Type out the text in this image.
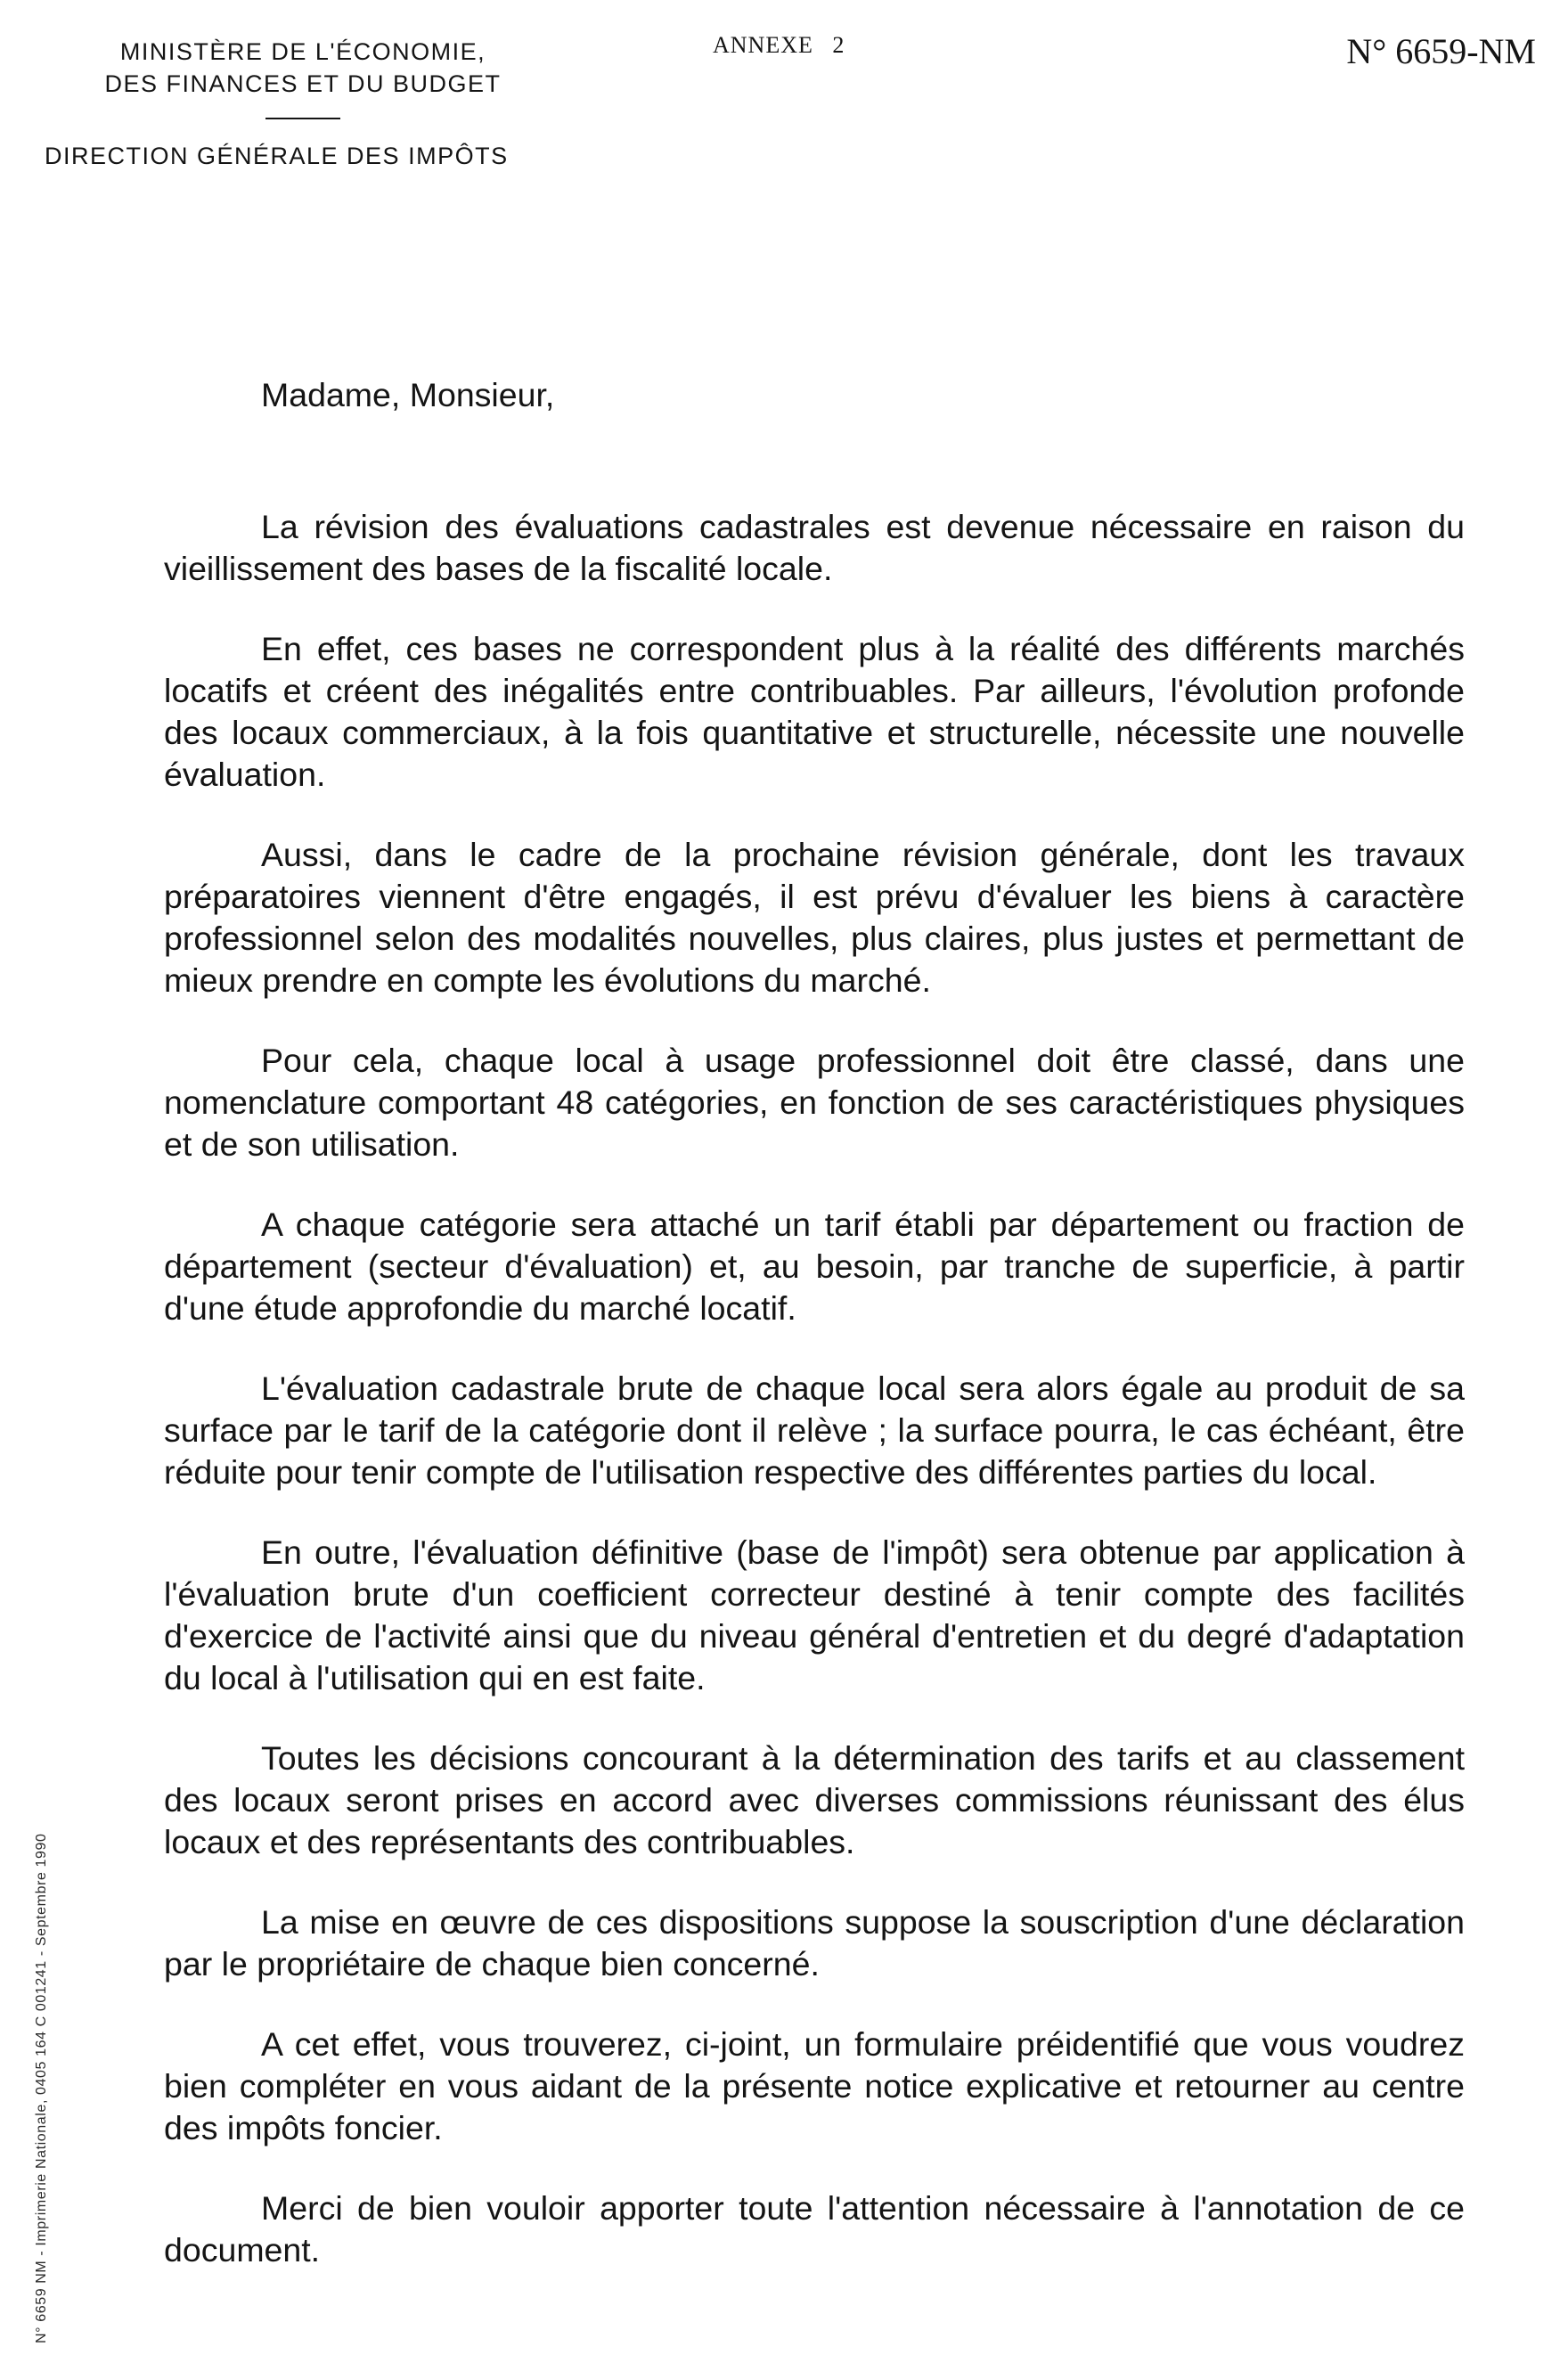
MINISTÈRE DE L'ÉCONOMIE,
DES FINANCES ET DU BUDGET
DIRECTION GÉNÉRALE DES IMPÔTS
ANNEXE 2	N° 6659-NM
N° 6659 NM - Imprimerie Nationale, 0405 164 C 001241 - Septembre 1990
Madame, Monsieur,

La révision des évaluations cadastrales est devenue nécessaire en raison du vieillissement des bases de la fiscalité locale.

En effet, ces bases ne correspondent plus à la réalité des différents marchés locatifs et créent des inégalités entre contribuables. Par ailleurs, l'évolution profonde des locaux commerciaux, à la fois quantitative et structurelle, nécessite une nouvelle évaluation.

Aussi, dans le cadre de la prochaine révision générale, dont les travaux préparatoires viennent d'être engagés, il est prévu d'évaluer les biens à caractère professionnel selon des modalités nouvelles, plus claires, plus justes et permettant de mieux prendre en compte les évolutions du marché.

Pour cela, chaque local à usage professionnel doit être classé, dans une nomenclature comportant 48 catégories, en fonction de ses caractéristiques physiques et de son utilisation.

A chaque catégorie sera attaché un tarif établi par département ou fraction de département (secteur d'évaluation) et, au besoin, par tranche de superficie, à partir d'une étude approfondie du marché locatif.

L'évaluation cadastrale brute de chaque local sera alors égale au produit de sa surface par le tarif de la catégorie dont il relève ; la surface pourra, le cas échéant, être réduite pour tenir compte de l'utilisation respective des différentes parties du local.

En outre, l'évaluation définitive (base de l'impôt) sera obtenue par application à l'évaluation brute d'un coefficient correcteur destiné à tenir compte des facilités d'exercice de l'activité ainsi que du niveau général d'entretien et du degré d'adaptation du local à l'utilisation qui en est faite.

Toutes les décisions concourant à la détermination des tarifs et au classement des locaux seront prises en accord avec diverses commissions réunissant des élus locaux et des représentants des contribuables.

La mise en œuvre de ces dispositions suppose la souscription d'une déclaration par le propriétaire de chaque bien concerné.

A cet effet, vous trouverez, ci-joint, un formulaire préidentifié que vous voudrez bien compléter en vous aidant de la présente notice explicative et retourner au centre des impôts foncier.

Merci de bien vouloir apporter toute l'attention nécessaire à l'annotation de ce document.
